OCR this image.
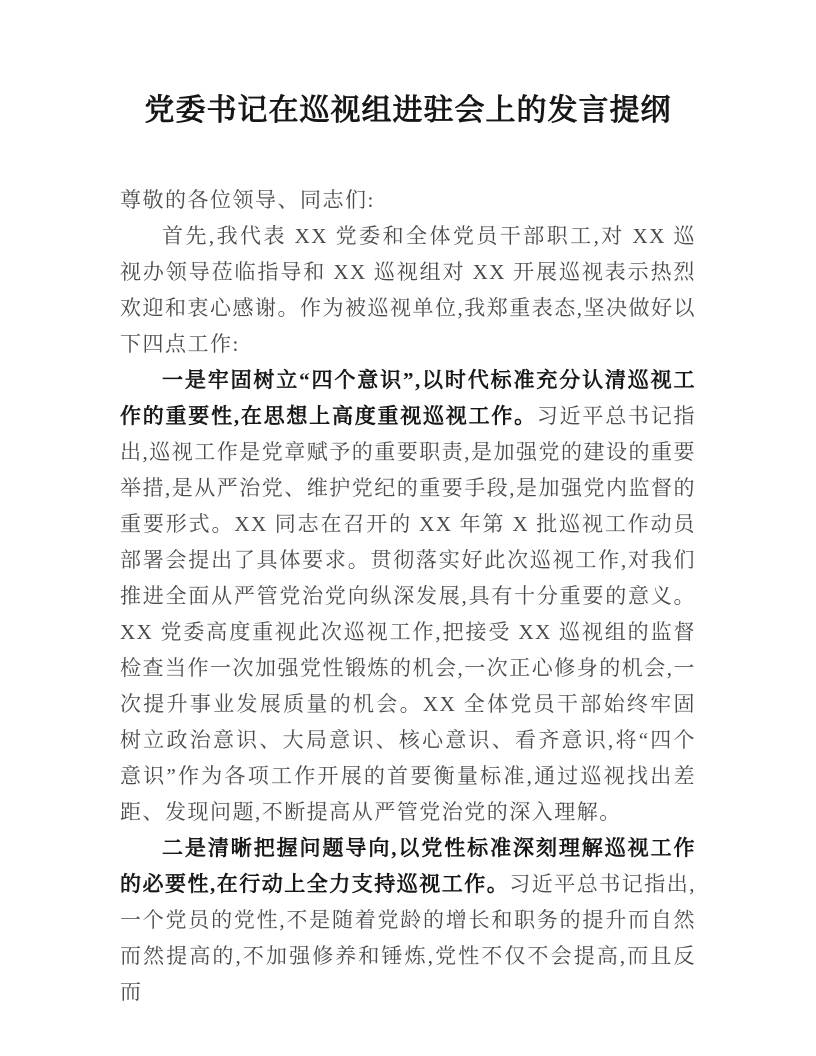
党委书记在巡视组进驻会上的发言提纲

尊敬的各位领导、同志们:

首先,我代表 XX 党委和全体党员干部职工,对 XX 巡视办领导莅临指导和 XX 巡视组对 XX 开展巡视表示热烈欢迎和衷心感谢。作为被巡视单位,我郑重表态,坚决做好以下四点工作:

一是牢固树立“四个意识”,以时代标准充分认清巡视工作的重要性,在思想上高度重视巡视工作。习近平总书记指出,巡视工作是党章赋予的重要职责,是加强党的建设的重要举措,是从严治党、维护党纪的重要手段,是加强党内监督的重要形式。XX 同志在召开的 XX 年第 X 批巡视工作动员部署会提出了具体要求。贯彻落实好此次巡视工作,对我们推进全面从严管党治党向纵深发展,具有十分重要的意义。XX 党委高度重视此次巡视工作,把接受 XX 巡视组的监督检查当作一次加强党性锻炼的机会,一次正心修身的机会,一次提升事业发展质量的机会。XX 全体党员干部始终牢固树立政治意识、大局意识、核心意识、看齐意识,将“四个意识”作为各项工作开展的首要衡量标准,通过巡视找出差距、发现问题,不断提高从严管党治党的深入理解。

二是清晰把握问题导向,以党性标准深刻理解巡视工作的必要性,在行动上全力支持巡视工作。习近平总书记指出,一个党员的党性,不是随着党龄的增长和职务的提升而自然而然提高的,不加强修养和锤炼,党性不仅不会提高,而且反而
